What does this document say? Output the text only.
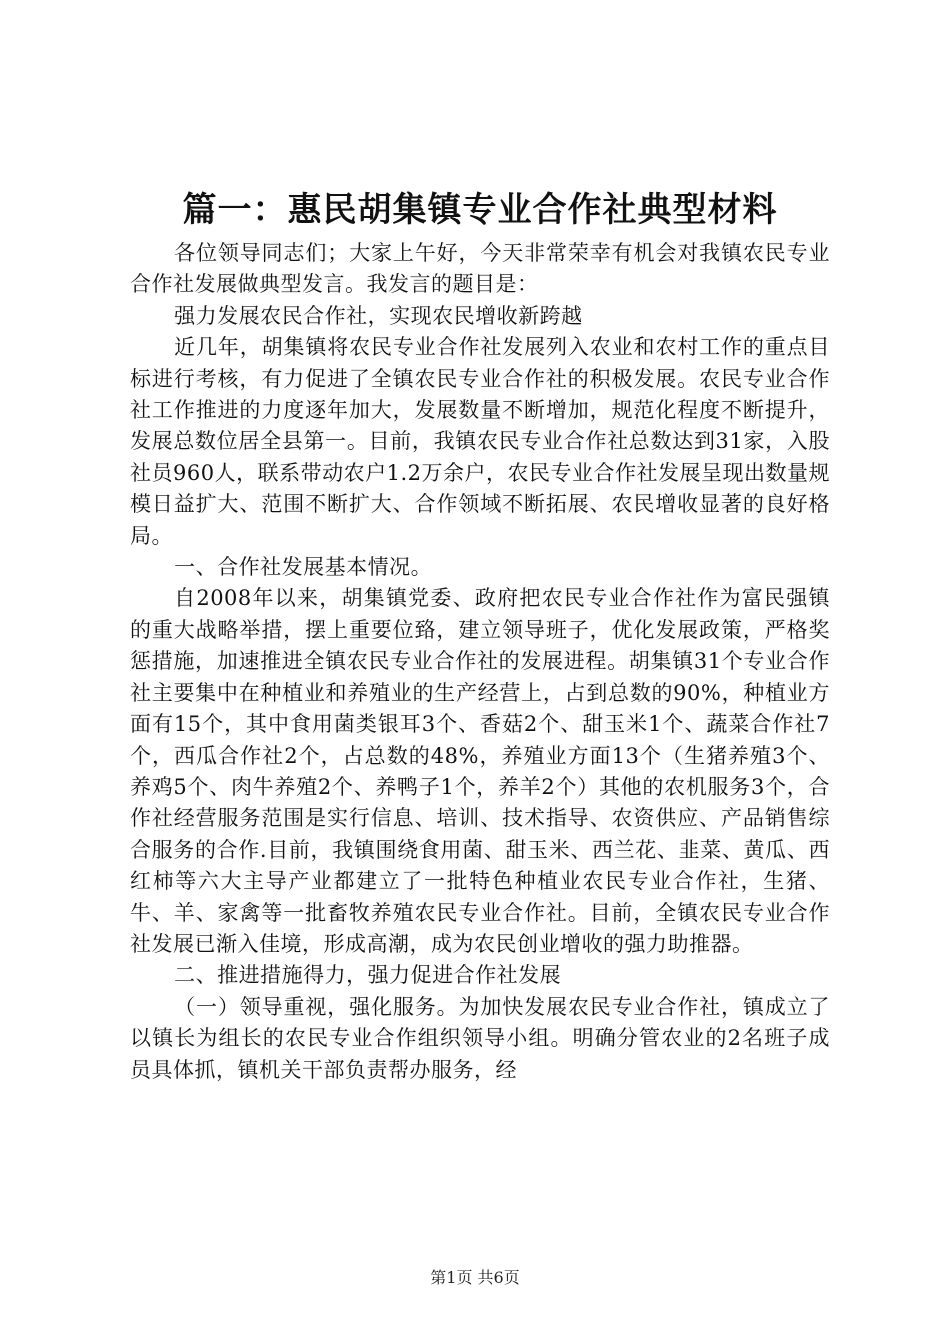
篇一：惠民胡集镇专业合作社典型材料

各位领导同志们；大家上午好，今天非常荣幸有机会对我镇农民专业合作社发展做典型发言。我发言的题目是：

强力发展农民合作社，实现农民增收新跨越

近几年，胡集镇将农民专业合作社发展列入农业和农村工作的重点目标进行考核，有力促进了全镇农民专业合作社的积极发展。农民专业合作社工作推进的力度逐年加大，发展数量不断增加，规范化程度不断提升，发展总数位居全县第一。目前，我镇农民专业合作社总数达到31家，入股社员960人，联系带动农户1.2万余户，农民专业合作社发展呈现出数量规模日益扩大、范围不断扩大、合作领域不断拓展、农民增收显著的良好格局。

一、合作社发展基本情况。

自2008年以来，胡集镇党委、政府把农民专业合作社作为富民强镇的重大战略举措，摆上重要位臵，建立领导班子，优化发展政策，严格奖惩措施，加速推进全镇农民专业合作社的发展进程。胡集镇31个专业合作社主要集中在种植业和养殖业的生产经营上，占到总数的90%，种植业方面有15个，其中食用菌类银耳3个、香菇2个、甜玉米1个、蔬菜合作社7个，西瓜合作社2个，占总数的48%，养殖业方面13个（生猪养殖3个、养鸡5个、肉牛养殖2个、养鸭子1个，养羊2个）其他的农机服务3个，合作社经营服务范围是实行信息、培训、技术指导、农资供应、产品销售综合服务的合作.目前，我镇围绕食用菌、甜玉米、西兰花、韭菜、黄瓜、西红柿等六大主导产业都建立了一批特色种植业农民专业合作社，生猪、牛、羊、家禽等一批畜牧养殖农民专业合作社。目前，全镇农民专业合作社发展已渐入佳境，形成高潮，成为农民创业增收的强力助推器。

二、推进措施得力，强力促进合作社发展

（一）领导重视，强化服务。为加快发展农民专业合作社，镇成立了以镇长为组长的农民专业合作组织领导小组。明确分管农业的2名班子成员具体抓，镇机关干部负责帮办服务，经

第1页 共6页
